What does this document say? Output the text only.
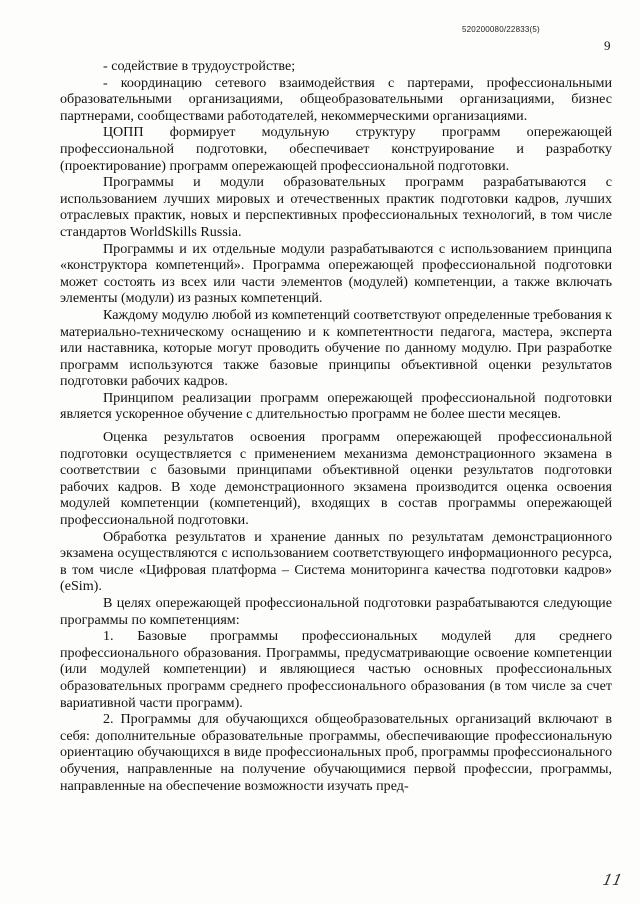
520200080/22833(5)
9

- содействие в трудоустройстве;

- координацию сетевого взаимодействия с партерами, профессиональными образовательными организациями, общеобразовательными организациями, бизнес партнерами, сообществами работодателей, некоммерческими организациями.

ЦОПП формирует модульную структуру программ опережающей профессиональной подготовки, обеспечивает конструирование и разработку (проектирование) программ опережающей профессиональной подготовки.

Программы и модули образовательных программ разрабатываются с использованием лучших мировых и отечественных практик подготовки кадров, лучших отраслевых практик, новых и перспективных профессиональных технологий, в том числе стандартов WorldSkills Russia.

Программы и их отдельные модули разрабатываются с использованием принципа «конструктора компетенций». Программа опережающей профессиональной подготовки может состоять из всех или части элементов (модулей) компетенции, а также включать элементы (модули) из разных компетенций.

Каждому модулю любой из компетенций соответствуют определенные требования к материально-техническому оснащению и к компетентности педагога, мастера, эксперта или наставника, которые могут проводить обучение по данному модулю. При разработке программ используются также базовые принципы объективной оценки результатов подготовки рабочих кадров.

Принципом реализации программ опережающей профессиональной подготовки является ускоренное обучение с длительностью программ не более шести месяцев.

Оценка результатов освоения программ опережающей профессиональной подготовки осуществляется с применением механизма демонстрационного экзамена в соответствии с базовыми принципами объективной оценки результатов подготовки рабочих кадров. В ходе демонстрационного экзамена производится оценка освоения модулей компетенции (компетенций), входящих в состав программы опережающей профессиональной подготовки.

Обработка результатов и хранение данных по результатам демонстрационного экзамена осуществляются с использованием соответствующего информационного ресурса, в том числе «Цифровая платформа – Система мониторинга качества подготовки кадров» (eSim).

В целях опережающей профессиональной подготовки разрабатываются следующие программы по компетенциям:

1. Базовые программы профессиональных модулей для среднего профессионального образования. Программы, предусматривающие освоение компетенции (или модулей компетенции) и являющиеся частью основных профессиональных образовательных программ среднего профессионального образования (в том числе за счет вариативной части программ).

2. Программы для обучающихся общеобразовательных организаций включают в себя: дополнительные образовательные программы, обеспечивающие профессиональную ориентацию обучающихся в виде профессиональных проб, программы профессионального обучения, направленные на получение обучающимися первой профессии, программы, направленные на обеспечение возможности изучать пред-

11
